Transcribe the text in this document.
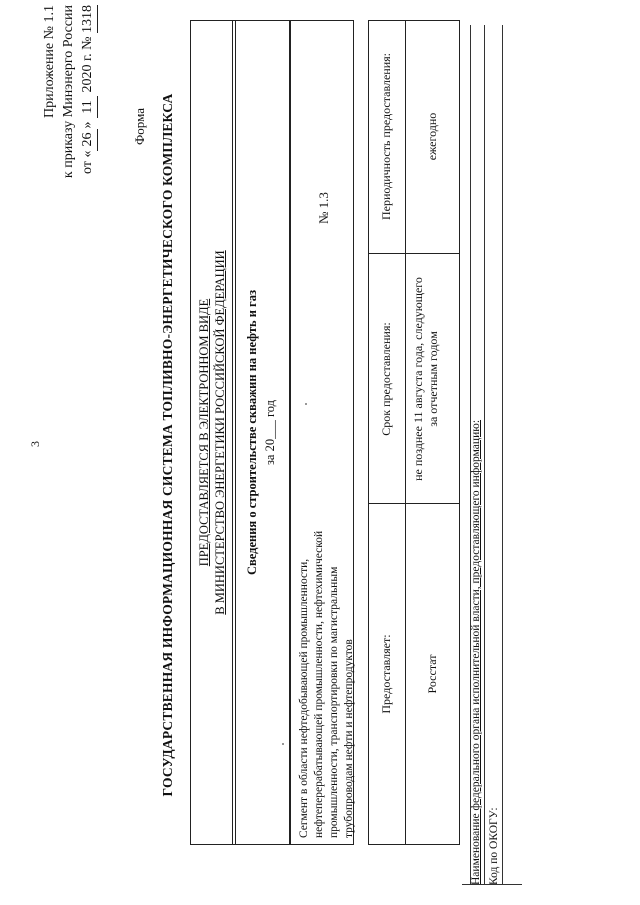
3
Приложение № 1.1 к приказу Минэнерго России от «26» 11 2020 г. № 1318
Форма ГОСУДАРСТВЕННАЯ ИНФОРМАЦИОННАЯ СИСТЕМА ТОПЛИВНО-ЭНЕРГЕТИЧЕСКОГО КОМПЛЕКСА ПРЕДОСТАВЛЯЕТСЯ В ЭЛЕКТРОННОМ ВИДЕ В МИНИСТЕРСТВО ЭНЕРГЕТИКИ РОССИЙСКОЙ ФЕДЕРАЦИИ Сведения о строительстве скважин на нефть и газ за 20___ год
Сегмент в области нефтедобывающей промышленности, нефтеперерабатывающей промышленности, нефтехимической промышленности, транспортировки по магистральным трубопроводам нефти и нефтепродуктов
№ 1.3
Предоставляет:
Срок предоставления:
Периодичность предоставления:
Росстат
не позднее 11 августа года, следующего за отчетным годом
ежегодно
Наименование федерального органа исполнительной власти, предоставляющего информацию: Код по ОКОГУ:
